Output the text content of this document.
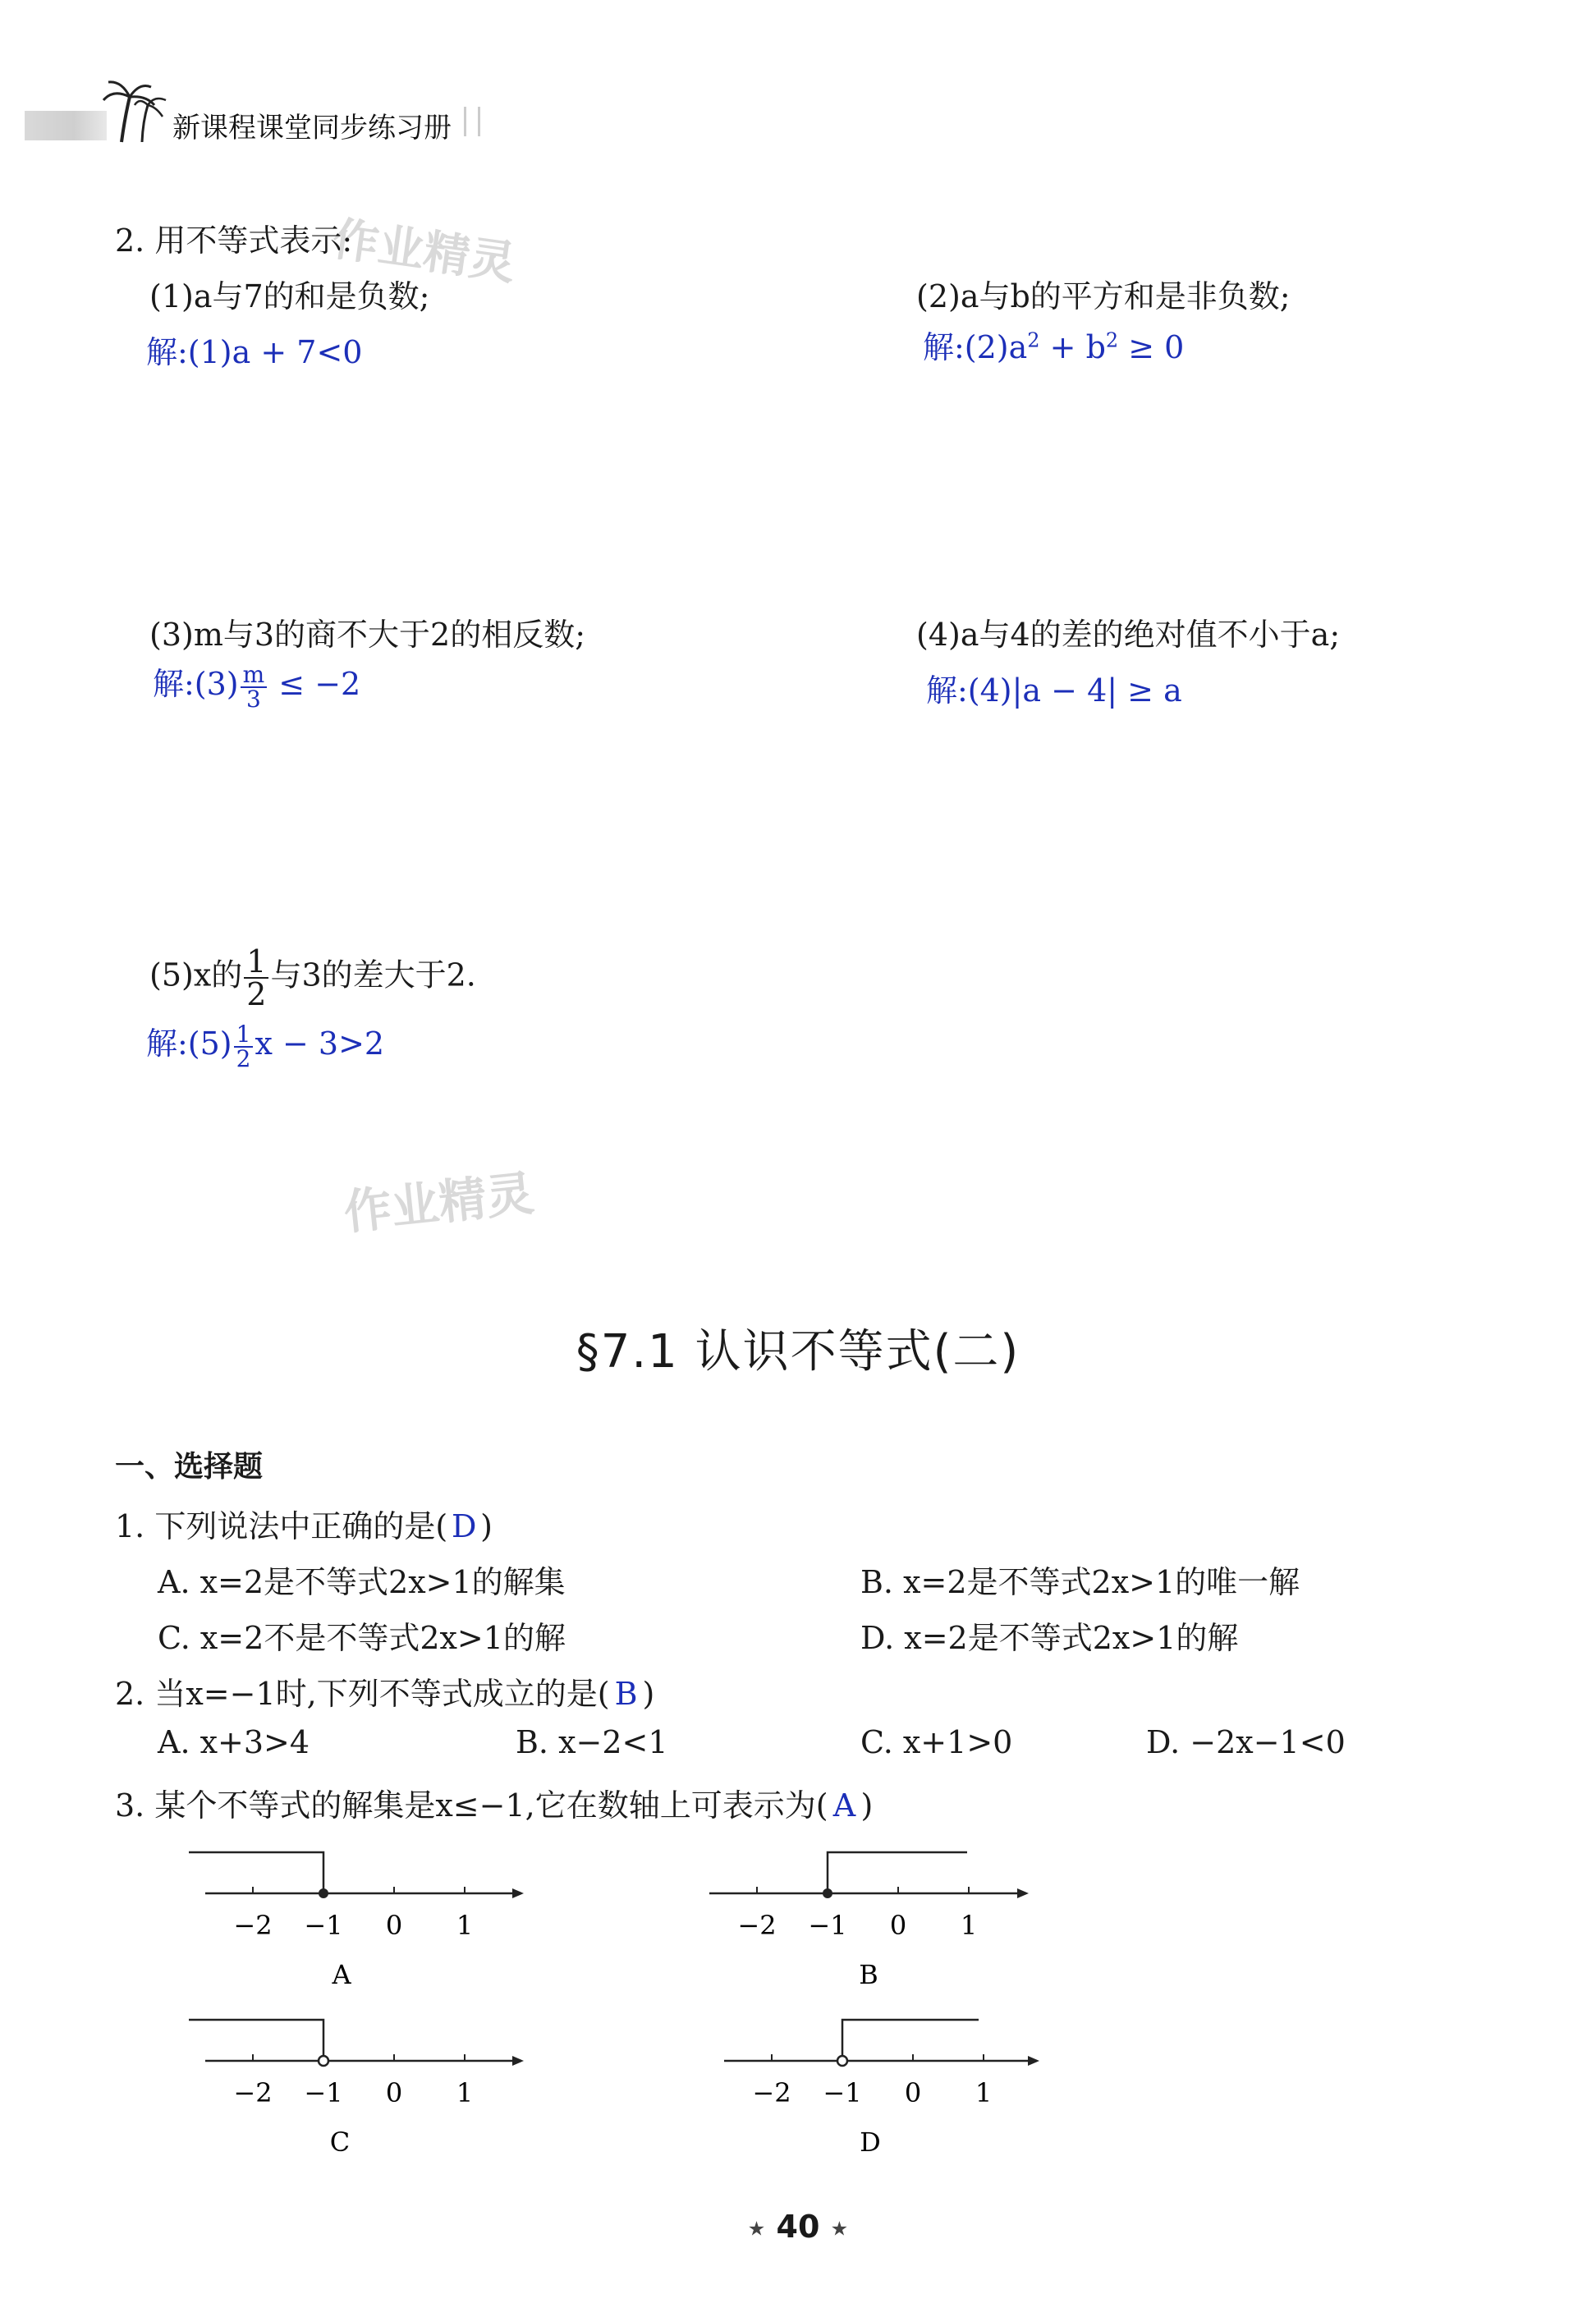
新课程课堂同步练习册
作业精灵
作业精灵
2. 用不等式表示:
(1)a与7的和是负数;
解:(1)a + 7<0
(2)a与b的平方和是非负数;
解$:(2)a^2 + b^2 \ge 0$
(3)m与3的商不大于2的相反数;
解:(3) $\frac{m}{3} \le -2$
(4)a与4的差的绝对值不小于a;
解:(4)|a − 4| ≥ a
(5)x的 $\frac{1}{2}$ 与3的差大于2.
解:(5) $\frac{1}{2}$ x − 3>2
§7.1 认识不等式(二)
一、选择题
1. 下列说法中正确的是( D )
A. x=2是不等式2x>1的解集	B. x=2是不等式2x>1的唯一解
C. x=2不是不等式2x>1的解	D. x=2是不等式2x>1的解
2. 当x=−1时,下列不等式成立的是( B )
A. x+3>4	B. x−2<1	C. x+1>0	D. −2x−1<0
3. 某个不等式的解集是x≤−1,它在数轴上可表示为( A )
−2 −1 0 1
A
−2 −1 0 1
B
−2 −1 0 1
C
−2 −1 0 1
D
★ 40 ★
